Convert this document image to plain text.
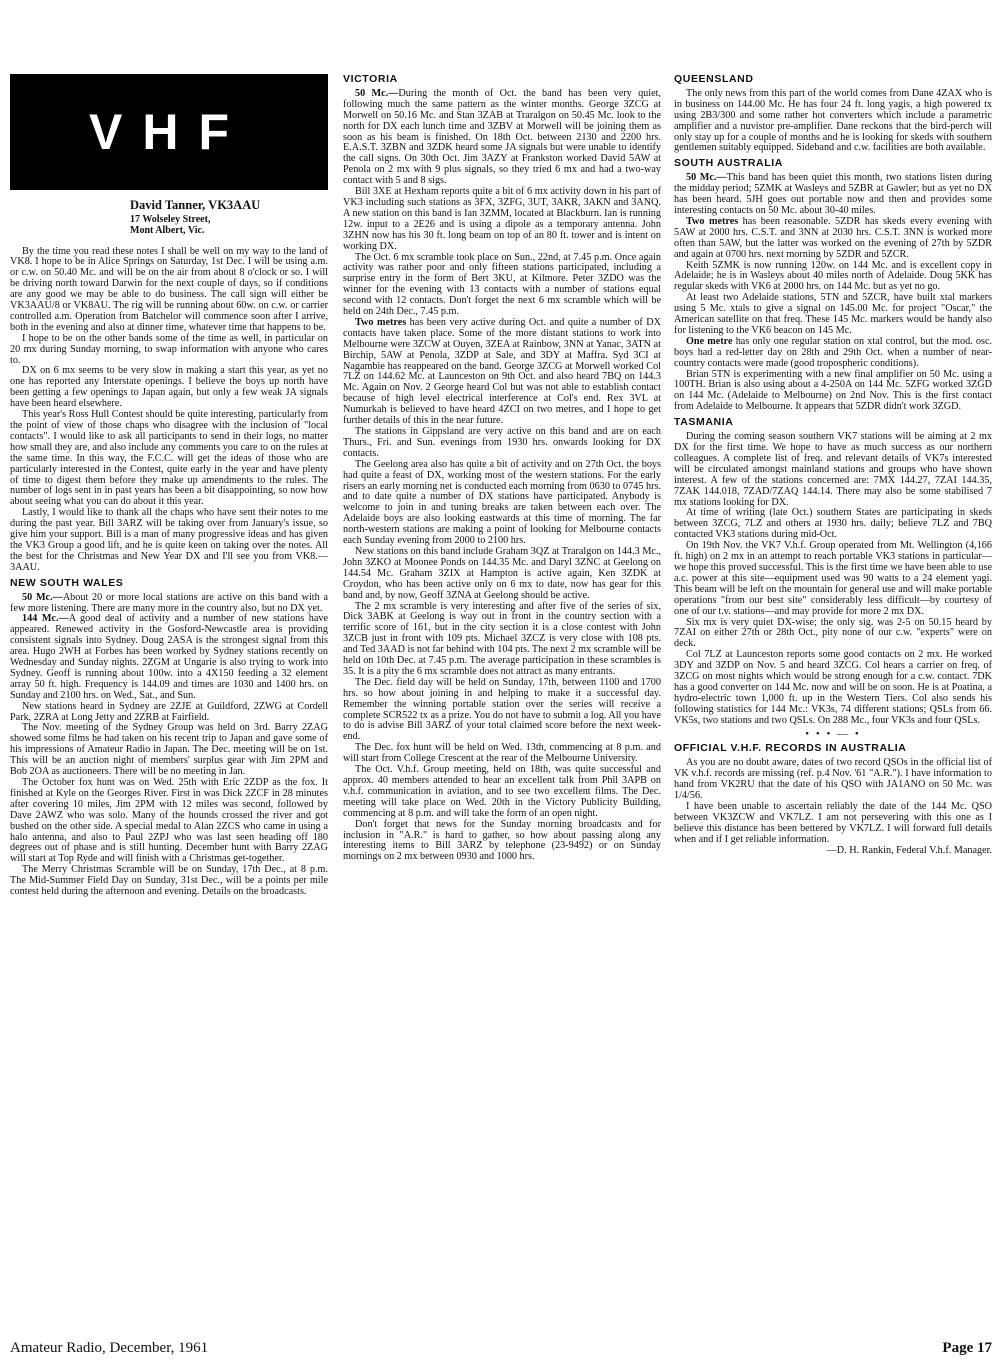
VHF
David Tanner, VK3AAU
17 Wolseley Street,
Mont Albert, Vic.

By the time you read these notes I shall be well on my way to the land of VK8. I hope to be in Alice Springs on Saturday, 1st Dec. I will be using a.m. or c.w. on 50.40 Mc. and will be on the air from about 8 o'clock or so. I will be driving north toward Darwin for the next couple of days, so if conditions are any good we may be able to do business. The call sign will either be VK3AAU/8 or VK8AU. The rig will be running about 60w. on c.w. or carrier controlled a.m. Operation from Batchelor will commence soon after I arrive, both in the evening and also at dinner time, whatever time that happens to be.

I hope to be on the other bands some of the time as well, in particular on 20 mx during Sunday morning, to swap information with anyone who cares to.

DX on 6 mx seems to be very slow in making a start this year, as yet no one has reported any Interstate openings. I believe the boys up north have been getting a few openings to Japan again, but only a few weak JA signals have been heard elsewhere.

This year's Ross Hull Contest should be quite interesting, particularly from the point of view of those chaps who disagree with the inclusion of "local contacts". I would like to ask all participants to send in their logs, no matter how small they are, and also include any comments you care to on the rules at the same time. In this way, the F.C.C. will get the ideas of those who are particularly interested in the Contest, quite early in the year and have plenty of time to digest them before they make up amendments to the rules. The number of logs sent in in past years has been a bit disappointing, so now how about seeing what you can do about it this year.

Lastly, I would like to thank all the chaps who have sent their notes to me during the past year. Bill 3ARZ will be taking over from January's issue, so give him your support. Bill is a man of many progressive ideas and has given the VK3 Group a good lift, and he is quite keen on taking over the notes. All the best for the Christmas and New Year DX and I'll see you from VK8.—3AAU.

NEW SOUTH WALES

50 Mc.—About 20 or more local stations are active on this band with a few more listening. There are many more in the country also, but no DX yet.

144 Mc.—A good deal of activity and a number of new stations have appeared. Renewed activity in the Gosford-Newcastle area is providing consistent signals into Sydney. Doug 2ASA is the strongest signal from this area. Hugo 2WH at Forbes has been worked by Sydney stations recently on Wednesday and Sunday nights. 2ZGM at Ungarie is also trying to work into Sydney. Geoff is running about 100w. into a 4X150 feeding a 32 element array 50 ft. high. Frequency is 144.09 and times are 1030 and 1400 hrs. on Sunday and 2100 hrs. on Wed., Sat., and Sun.

New stations heard in Sydney are 2ZJE at Guildford, 2ZWG at Cordell Park, 2ZRA at Long Jetty and 2ZRB at Fairfield.

The Nov. meeting of the Sydney Group was held on 3rd. Barry 2ZAG showed some films he had taken on his recent trip to Japan and gave some of his impressions of Amateur Radio in Japan. The Dec. meeting will be on 1st. This will be an auction night of members' surplus gear with Jim 2PM and Bob 2OA as auctioneers. There will be no meeting in Jan.

The October fox hunt was on Wed. 25th with Eric 2ZDP as the fox. It finished at Kyle on the Georges River. First in was Dick 2ZCF in 28 minutes after covering 10 miles, Jim 2PM with 12 miles was second, followed by Dave 2AWZ who was solo. Many of the hounds crossed the river and got bushed on the other side. A special medal to Alan 2ZCS who came in using a halo antenna, and also to Paul 2ZPJ who was last seen heading off 180 degrees out of phase and is still hunting. December hunt with Barry 2ZAG will start at Top Ryde and will finish with a Christmas get-together.

The Merry Christmas Scramble will be on Sunday, 17th Dec., at 8 p.m. The Mid-Summer Field Day on Sunday, 31st Dec., will be a points per mile contest held during the afternoon and evening. Details on the broadcasts.

VICTORIA

50 Mc.—During the month of Oct. the band has been very quiet, following much the same pattern as the winter months. George 3ZCG at Morwell on 50.16 Mc. and Stan 3ZAB at Traralgon on 50.45 Mc. look to the north for DX each lunch time and 3ZBV at Morwell will be joining them as soon as his beam is finished. On 18th Oct. between 2130 and 2200 hrs. E.A.S.T. 3ZBN and 3ZDK heard some JA signals but were unable to identify the call signs. On 30th Oct. Jim 3AZY at Frankston worked David 5AW at Penola on 2 mx with 9 plus signals, so they tried 6 mx and had a two-way contact with 5 and 8 sigs.

Bill 3XE at Hexham reports quite a bit of 6 mx activity down in his part of VK3 including such stations as 3FX, 3ZFG, 3UT, 3AKR, 3AKN and 3ANQ. A new station on this band is Ian 3ZMM, located at Blackburn. Ian is running 12w. input to a 2E26 and is using a dipole as a temporary antenna. John 3ZHN now has his 30 ft. long beam on top of an 80 ft. tower and is intent on working DX.

The Oct. 6 mx scramble took place on Sun., 22nd, at 7.45 p.m. Once again activity was rather poor and only fifteen stations participated, including a surprise entry in the form of Bert 3KU, at Kilmore. Peter 3ZDO was the winner for the evening with 13 contacts with a number of stations equal second with 12 contacts. Don't forget the next 6 mx scramble which will be held on 24th Dec., 7.45 p.m.

Two metres has been very active during Oct. and quite a number of DX contacts have taken place. Some of the more distant stations to work into Melbourne were 3ZCW at Ouyen, 3ZEA at Rainbow, 3NN at Yanac, 3ATN at Birchip, 5AW at Penola, 3ZDP at Sale, and 3DY at Maffra. Syd 3CI at Nagambie has reappeared on the band. George 3ZCG at Morwell worked Col 7LZ on 144.62 Mc. at Launceston on 9th Oct. and also heard 7BQ on 144.3 Mc. Again on Nov. 2 George heard Col but was not able to establish contact because of high level electrical interference at Col's end. Rex 3VL at Numurkah is believed to have heard 4ZCI on two metres, and I hope to get further details of this in the near future.

The stations in Gippsland are very active on this band and are on each Thurs., Fri. and Sun. evenings from 1930 hrs. onwards looking for DX contacts.

The Geelong area also has quite a bit of activity and on 27th Oct. the boys had quite a feast of DX, working most of the western stations. For the early risers an early morning net is conducted each morning from 0630 to 0745 hrs. and to date quite a number of DX stations have participated. Anybody is welcome to join in and tuning breaks are taken between each over. The Adelaide boys are also looking eastwards at this time of morning. The far north-western stations are making a point of looking for Melbourne contacts each Sunday evening from 2000 to 2100 hrs.

New stations on this band include Graham 3QZ at Traralgon on 144.3 Mc., John 3ZKO at Moonee Ponds on 144.35 Mc. and Daryl 3ZNC at Geelong on 144.54 Mc. Graham 3ZIX at Hampton is active again, Ken 3ZDK at Croydon, who has been active only on 6 mx to date, now has gear for this band and, by now, Geoff 3ZNA at Geelong should be active.

The 2 mx scramble is very interesting and after five of the series of six, Dick 3ABK at Geelong is way out in front in the country section with a terrific score of 161, but in the city section it is a close contest with John 3ZCB just in front with 109 pts. Michael 3ZCZ is very close with 108 pts. and Ted 3AAD is not far behind with 104 pts. The next 2 mx scramble will be held on 10th Dec. at 7.45 p.m. The average participation in these scrambles is 35. It is a pity the 6 mx scramble does not attract as many entrants.

The Dec. field day will be held on Sunday, 17th, between 1100 and 1700 hrs. so how about joining in and helping to make it a successful day. Remember the winning portable station over the series will receive a complete SCR522 tx as a prize. You do not have to submit a log. All you have to do is advise Bill 3ARZ of your total claimed score before the next week-end.

The Dec. fox hunt will be held on Wed. 13th, commencing at 8 p.m. and will start from College Crescent at the rear of the Melbourne University.

The Oct. V.h.f. Group meeting, held on 18th, was quite successful and approx. 40 members attended to hear an excellent talk from Phil 3APB on v.h.f. communication in aviation, and to see two excellent films. The Dec. meeting will take place on Wed. 20th in the Victory Publicity Building, commencing at 8 p.m. and will take the form of an open night.

Don't forget that news for the Sunday morning broadcasts and for inclusion in "A.R." is hard to gather, so how about passing along any interesting items to Bill 3ARZ by telephone (23-9492) or on Sunday mornings on 2 mx between 0930 and 1000 hrs.

QUEENSLAND

The only news from this part of the world comes from Dane 4ZAX who is in business on 144.00 Mc. He has four 24 ft. long yagis, a high powered tx using 2B3/300 and some rather hot converters which include a parametric amplifier and a nuvistor pre-amplifier. Dane reckons that the bird-perch will only stay up for a couple of months and he is looking for skeds with southern gentlemen suitably equipped. Sideband and c.w. facilities are both available.

SOUTH AUSTRALIA

50 Mc.—This band has been quiet this month, two stations listen during the midday period; 5ZMK at Wasleys and 5ZBR at Gawler; but as yet no DX has been heard. 5JH goes out portable now and then and provides some interesting contacts on 50 Mc. about 30-40 miles.

Two metres has been reasonable. 5ZDR has skeds every evening with 5AW at 2000 hrs. C.S.T. and 3NN at 2030 hrs. C.S.T. 3NN is worked more often than 5AW, but the latter was worked on the evening of 27th by 5ZDR and again at 0700 hrs. next morning by 5ZDR and 5ZCR.

Keith 5ZMK is now running 120w. on 144 Mc. and is excellent copy in Adelaide; he is in Wasleys about 40 miles north of Adelaide. Doug 5KK has regular skeds with VK6 at 2000 hrs. on 144 Mc. but as yet no go.

At least two Adelaide stations, 5TN and 5ZCR, have built xtal markers using 5 Mc. xtals to give a signal on 145.00 Mc. for project "Oscar," the American satellite on that freq. These 145 Mc. markers would be handy also for listening to the VK6 beacon on 145 Mc.

One metre has only one regular station on xtal control, but the mod. osc. boys had a red-letter day on 28th and 29th Oct. when a number of near-country contacts were made (good tropospheric conditions).

Brian 5TN is experimenting with a new final amplifier on 50 Mc. using a 100TH. Brian is also using about a 4-250A on 144 Mc. 5ZFG worked 3ZGD on 144 Mc. (Adelaide to Melbourne) on 2nd Nov. This is the first contact from Adelaide to Melbourne. It appears that 5ZDR didn't work 3ZGD.

TASMANIA

During the coming season southern VK7 stations will be aiming at 2 mx DX for the first time. We hope to have as much success as our northern colleagues. A complete list of freq. and relevant details of VK7s interested will be circulated amongst mainland stations and groups who have shown interest. A few of the stations concerned are: 7MX 144.27, 7ZAI 144.35, 7ZAK 144.018, 7ZAD/7ZAQ 144.14. There may also be some stabilised 7 mx stations looking for DX.

At time of writing (late Oct.) southern States are participating in skeds between 3ZCG, 7LZ and others at 1930 hrs. daily; believe 7LZ and 7BQ contacted VK3 stations during mid-Oct.

On 19th Nov. the VK7 V.h.f. Group operated from Mt. Wellington (4,166 ft. high) on 2 mx in an attempt to reach portable VK3 stations in particular—we hope this proved successful. This is the first time we have been able to use a.c. power at this site—equipment used was 90 watts to a 24 element yagi. This beam will be left on the mountain for general use and will make portable operations "from our best site" considerably less difficult—by courtesy of one of our t.v. stations—and may provide for more 2 mx DX.

Six mx is very quiet DX-wise; the only sig. was 2-5 on 50.15 heard by 7ZAI on either 27th or 28th Oct., pity none of our c.w. "experts" were on deck.

Col 7LZ at Launceston reports some good contacts on 2 mx. He worked 3DY and 3ZDP on Nov. 5 and heard 3ZCG. Col hears a carrier on freq. of 3ZCG on most nights which would be strong enough for a c.w. contact. 7DK has a good converter on 144 Mc. now and will be on soon. He is at Poatina, a hydro-electric town 1,000 ft. up in the Western Tiers. Col also sends his following statistics for 144 Mc.: VK3s, 74 different stations; QSLs from 66. VK5s, two stations and two QSLs. On 288 Mc., four VK3s and four QSLs.

• • • — •
OFFICIAL V.H.F. RECORDS IN AUSTRALIA

As you are no doubt aware, dates of two record QSOs in the official list of VK v.h.f. records are missing (ref. p.4 Nov. '61 "A.R."). I have information to hand from VK2RU that the date of his QSO with JA1ANO on 50 Mc. was 1/4/56.

I have been unable to ascertain reliably the date of the 144 Mc. QSO between VK3ZCW and VK7LZ. I am not persevering with this one as I believe this distance has been bettered by VK7LZ. I will forward full details when and if I get reliable information.

—D. H. Rankin, Federal V.h.f. Manager.
Amateur Radio, December, 1961	Page 17
